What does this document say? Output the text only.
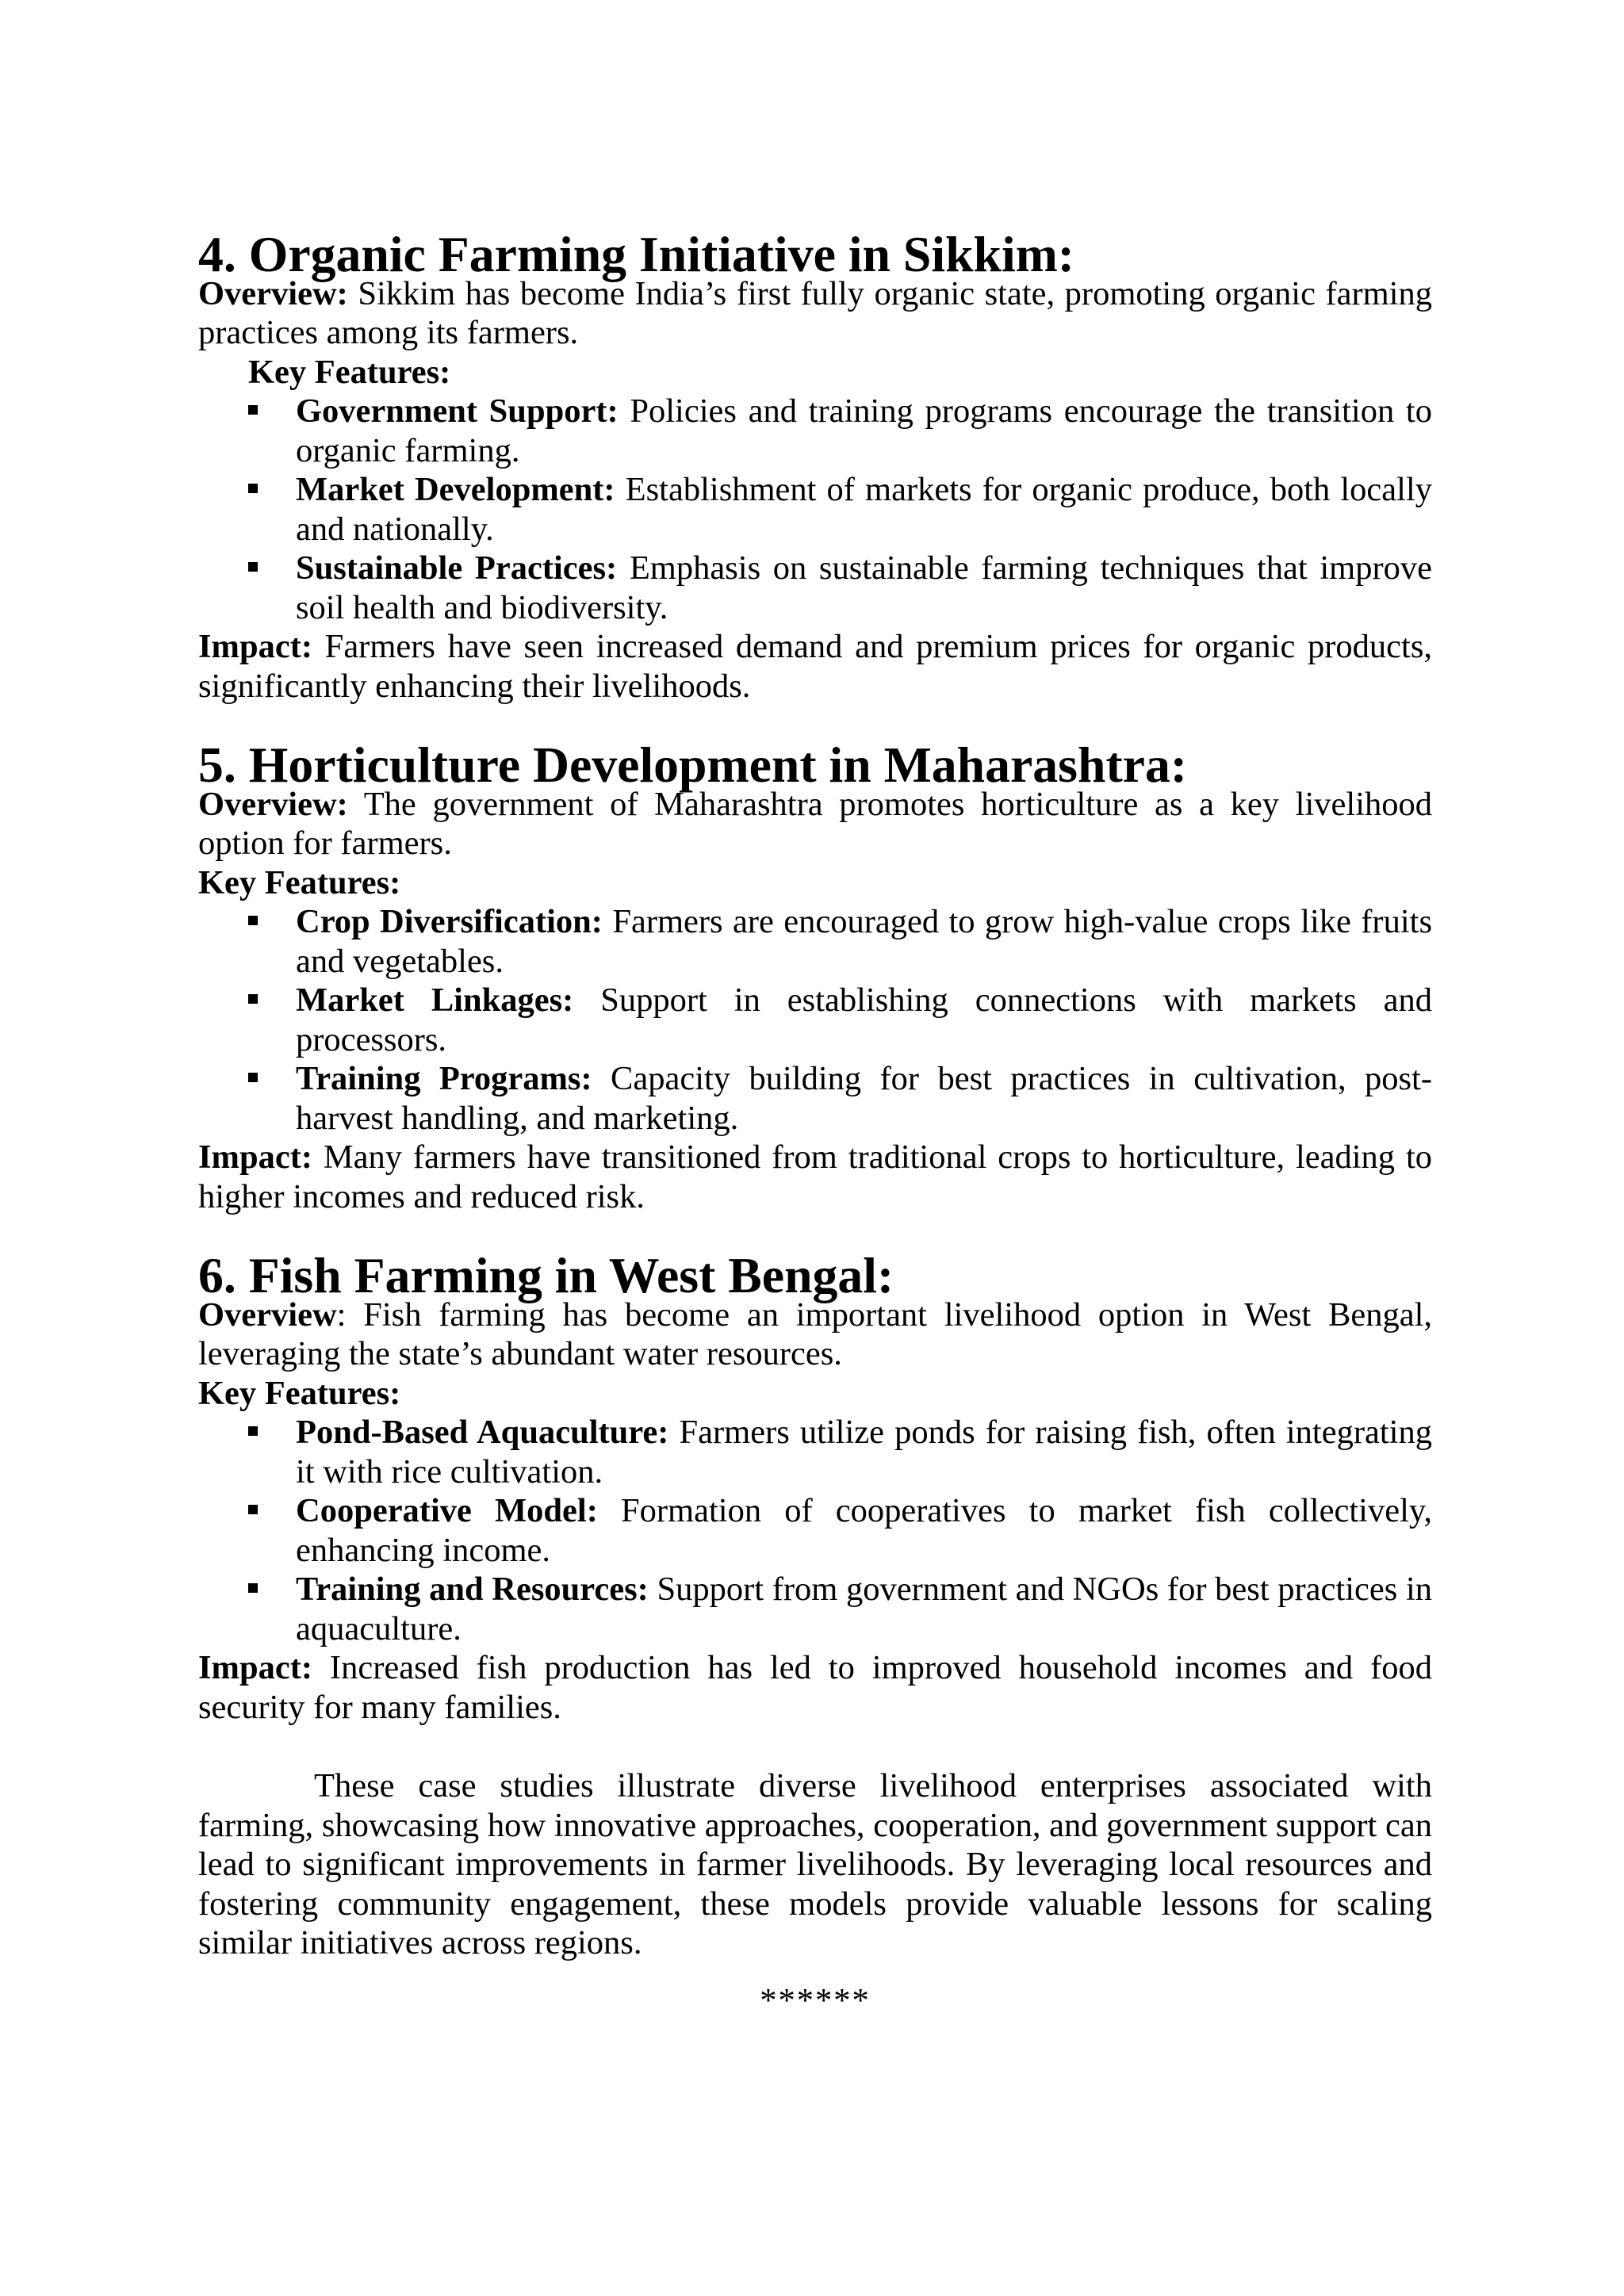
4. Organic Farming Initiative in Sikkim:

Overview: Sikkim has become India’s first fully organic state, promoting organic farming practices among its farmers.

Key Features:
Government Support: Policies and training programs encourage the transition to organic farming.
Market Development: Establishment of markets for organic produce, both locally and nationally.
Sustainable Practices: Emphasis on sustainable farming techniques that improve soil health and biodiversity.

Impact: Farmers have seen increased demand and premium prices for organic products, significantly enhancing their livelihoods.

5. Horticulture Development in Maharashtra:

Overview: The government of Maharashtra promotes horticulture as a key livelihood option for farmers.

Key Features:
Crop Diversification: Farmers are encouraged to grow high-value crops like fruits and vegetables.
Market Linkages: Support in establishing connections with markets and processors.
Training Programs: Capacity building for best practices in cultivation, post-harvest handling, and marketing.

Impact: Many farmers have transitioned from traditional crops to horticulture, leading to higher incomes and reduced risk.

6. Fish Farming in West Bengal:

Overview: Fish farming has become an important livelihood option in West Bengal, leveraging the state’s abundant water resources.

Key Features:
Pond-Based Aquaculture: Farmers utilize ponds for raising fish, often integrating it with rice cultivation.
Cooperative Model: Formation of cooperatives to market fish collectively, enhancing income.
Training and Resources: Support from government and NGOs for best practices in aquaculture.

Impact: Increased fish production has led to improved household incomes and food security for many families.

These case studies illustrate diverse livelihood enterprises associated with farming, showcasing how innovative approaches, cooperation, and government support can lead to significant improvements in farmer livelihoods. By leveraging local resources and fostering community engagement, these models provide valuable lessons for scaling similar initiatives across regions.

******
